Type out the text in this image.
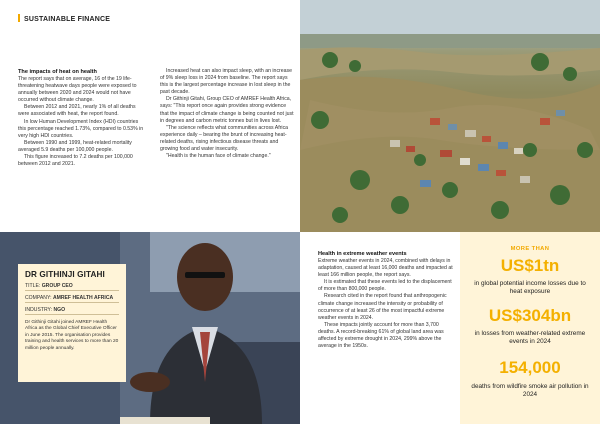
SUSTAINABLE FINANCE

The impacts of heat on health

The report says that on average, 16 of the 19 life-threatening heatwave days people were exposed to annually between 2020 and 2024 would not have occurred without climate change.

Between 2012 and 2021, nearly 1% of all deaths were associated with heat, the report found.

In low Human Development Index (HDI) countries this percentage reached 1.73%, compared to 0.53% in very high HDI countries.

Between 1990 and 1999, heat-related mortality averaged 5.9 deaths per 100,000 people.

This figure increased to 7.2 deaths per 100,000 between 2012 and 2021.

Increased heat can also impact sleep, with an increase of 9% sleep loss in 2024 from baseline. The report says this is the largest percentage increase in lost sleep in the past decade.

Dr Githinji Gitahi, Group CEO of AMREF Health Africa, says: "This report once again provides strong evidence that the impact of climate change is being counted not just in degrees and carbon metric tonnes but in lives lost.

"The science reflects what communities across Africa experience daily – bearing the brunt of increasing heat-related deaths, rising infectious disease threats and growing food and water insecurity.

"Health is the human face of climate change."

DR GITHINJI GITAHI
TITLE: GROUP CEO
COMPANY: AMREF HEALTH AFRICA
INDUSTRY: NGO
Dr Githinji Gitahi joined AMREF Health Africa as the Global Chief Executive Officer in June 2015. The organisation provides training and health services to more than 20 million people annually.

Health in extreme weather events

Extreme weather events in 2024, combined with delays in adaptation, caused at least 16,000 deaths and impacted at least 166 million people, the report says.

It is estimated that these events led to the displacement of more than 800,000 people.

Research cited in the report found that anthropogenic climate change increased the intensity or probability of occurrence of at least 26 of the most impactful extreme weather events in 2024.

These impacts jointly account for more than 3,700 deaths. A record-breaking 61% of global land area was affected by extreme drought in 2024, 299% above the average in the 1950s.

MORE THAN
US$1tn
in global potential income losses due to heat exposure
US$304bn
in losses from weather-related extreme events in 2024
154,000
deaths from wildfire smoke air pollution in 2024
